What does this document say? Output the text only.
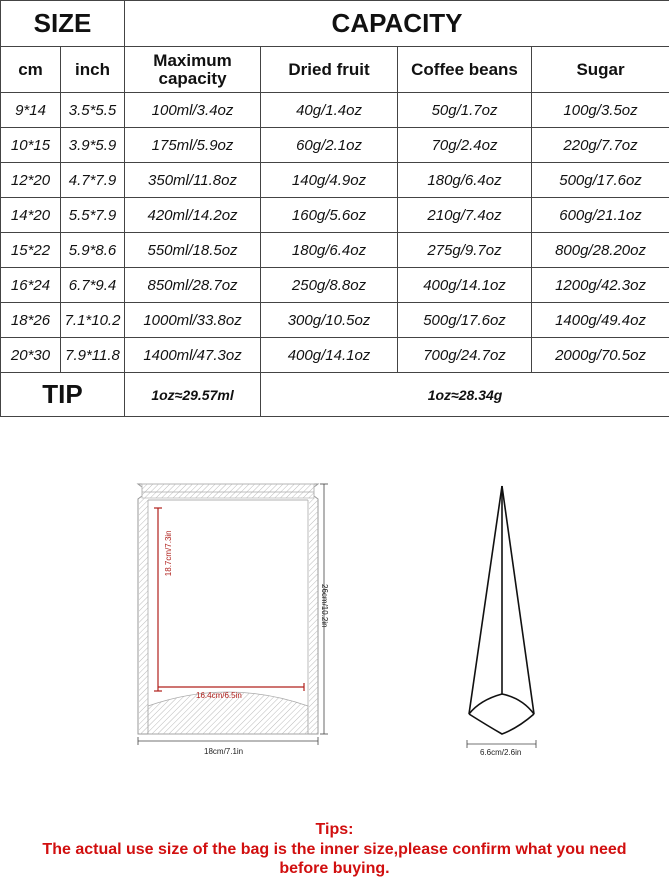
SIZE		CAPACITY			
cm	inch	Maximum capacity	Dried fruit	Coffee beans	Sugar
9*14	3.5*5.5	100ml/3.4oz	40g/1.4oz	50g/1.7oz	100g/3.5oz
10*15	3.9*5.9	175ml/5.9oz	60g/2.1oz	70g/2.4oz	220g/7.7oz
12*20	4.7*7.9	350ml/11.8oz	140g/4.9oz	180g/6.4oz	500g/17.6oz
14*20	5.5*7.9	420ml/14.2oz	160g/5.6oz	210g/7.4oz	600g/21.1oz
15*22	5.9*8.6	550ml/18.5oz	180g/6.4oz	275g/9.7oz	800g/28.20oz
16*24	6.7*9.4	850ml/28.7oz	250g/8.8oz	400g/14.1oz	1200g/42.3oz
18*26	7.1*10.2	1000ml/33.8oz	300g/10.5oz	500g/17.6oz	1400g/49.4oz
20*30	7.9*11.8	1400ml/47.3oz	400g/14.1oz	700g/24.7oz	2000g/70.5oz
TIP		1oz≈29.57ml	1oz≈28.34g		
18.7cm/7.3in
16.4cm/6.5in
26cm/10.2in
18cm/7.1in	6.6cm/2.6in
Tips:
The actual use size of the bag is the inner size,please confirm what you need
before buying.
